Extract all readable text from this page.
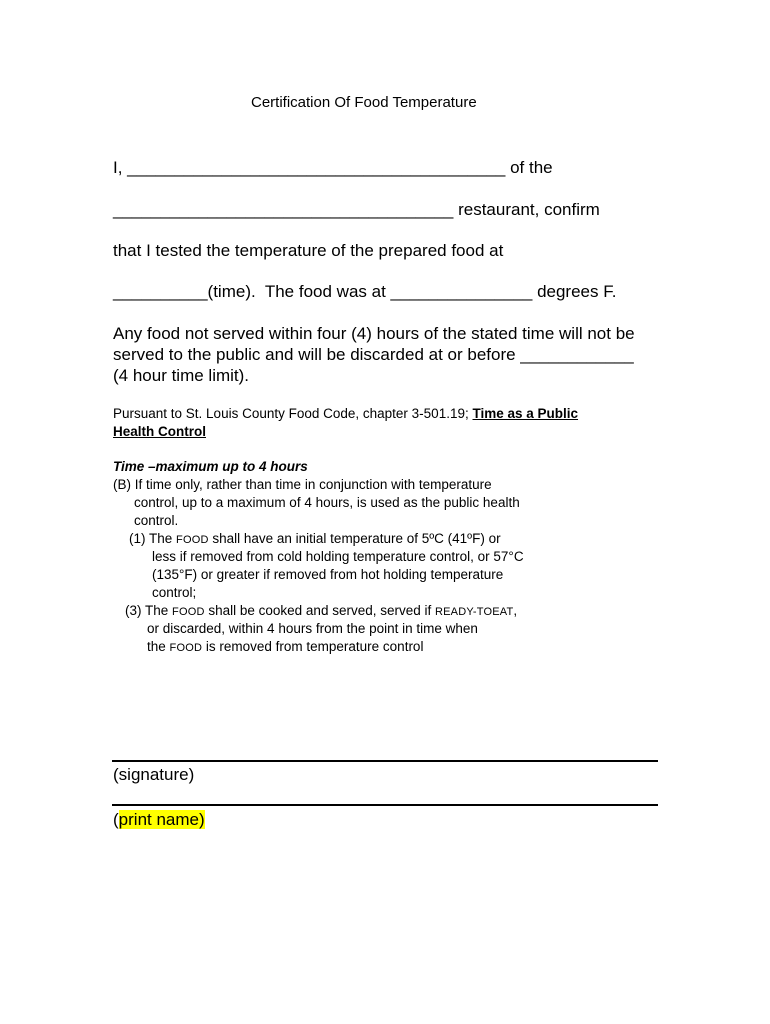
Certification Of Food Temperature
I, ________________________________________ of the
____________________________________ restaurant, confirm
that I tested the temperature of the prepared food at
__________(time).  The food was at _______________ degrees F.
Any food not served within four (4) hours of the stated time will not be
served to the public and will be discarded at or before ____________
(4 hour time limit).
Pursuant to St. Louis County Food Code, chapter 3-501.19; Time as a Public
Health Control
Time –maximum up to 4 hours
(B) If time only, rather than time in conjunction with temperature
control, up to a maximum of 4 hours, is used as the public health
control.
(1) The FOOD shall have an initial temperature of 5ºC (41ºF) or
less if removed from cold holding temperature control, or 57°C
(135°F) or greater if removed from hot holding temperature
control;
(3) The FOOD shall be cooked and served, served if READY-TOEAT,
or discarded, within 4 hours from the point in time when
the FOOD is removed from temperature control
(signature)
(print name)
